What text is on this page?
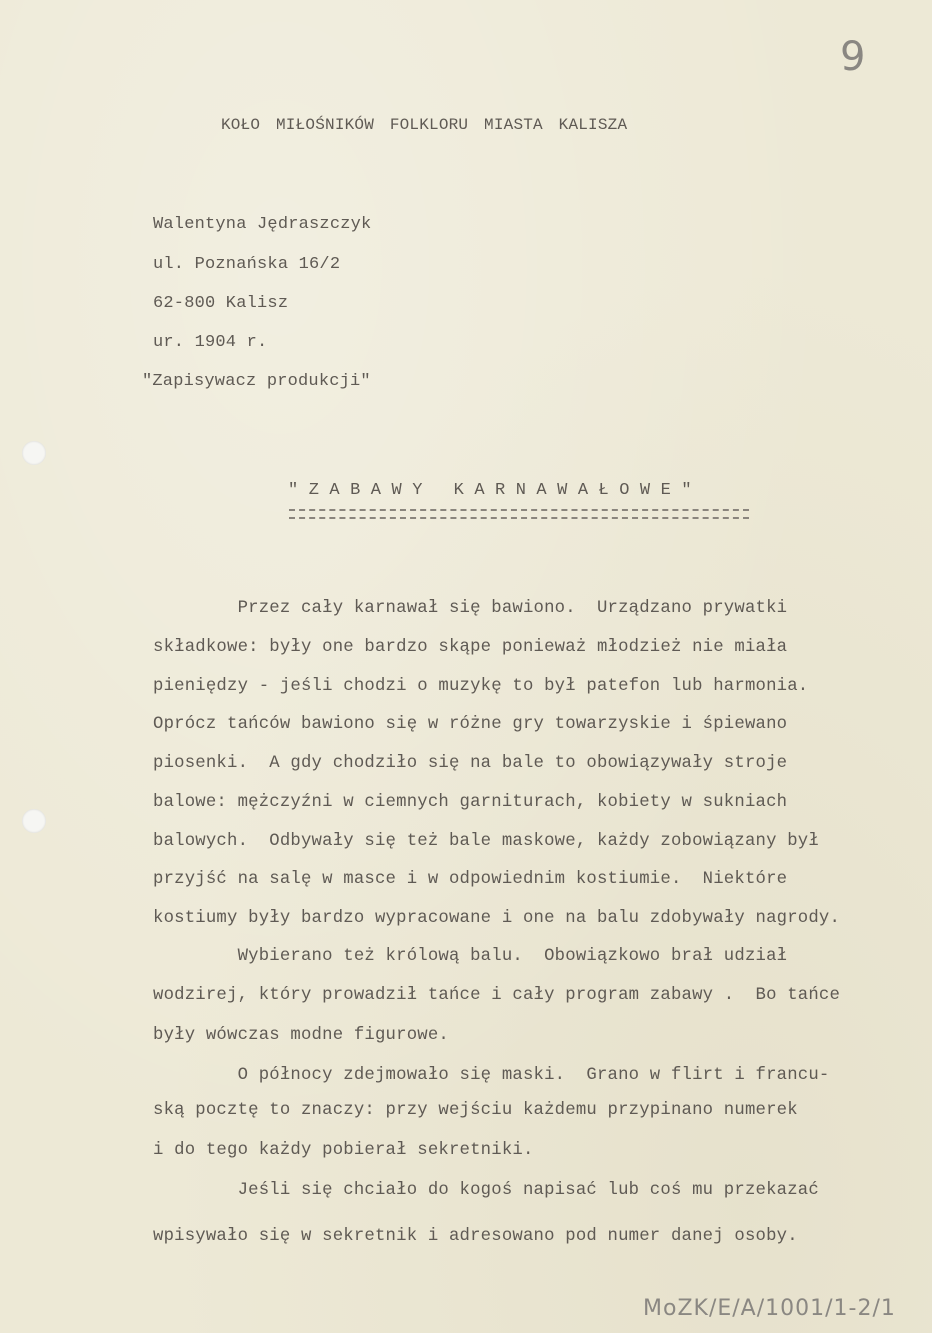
9
KOŁO MIŁOŚNIKÓW FOLKLORU MIASTA KALISZA
Walentyna Jędraszczyk
ul. Poznańska 16/2
62-800 Kalisz
ur. 1904 r.
"Zapisywacz produkcji"
"ZABAWY KARNAWAŁOWE"
Przez cały karnawał się bawiono.  Urządzano prywatki
składkowe: były one bardzo skąpe ponieważ młodzież nie miała
pieniędzy - jeśli chodzi o muzykę to był patefon lub harmonia.
Oprócz tańców bawiono się w różne gry towarzyskie i śpiewano
piosenki.  A gdy chodziło się na bale to obowiązywały stroje
balowe: mężczyźni w ciemnych garniturach, kobiety w sukniach
balowych.  Odbywały się też bale maskowe, każdy zobowiązany był
przyjść na salę w masce i w odpowiednim kostiumie.  Niektóre
kostiumy były bardzo wypracowane i one na balu zdobywały nagrody.
Wybierano też królową balu.  Obowiązkowo brał udział
wodzirej, który prowadził tańce i cały program zabawy .  Bo tańce
były wówczas modne figurowe.
O północy zdejmowało się maski.  Grano w flirt i francu-
ską pocztę to znaczy: przy wejściu każdemu przypinano numerek
i do tego każdy pobierał sekretniki.
Jeśli się chciało do kogoś napisać lub coś mu przekazać
wpisywało się w sekretnik i adresowano pod numer danej osoby.
MoZK/E/A/1001/1-2/1
